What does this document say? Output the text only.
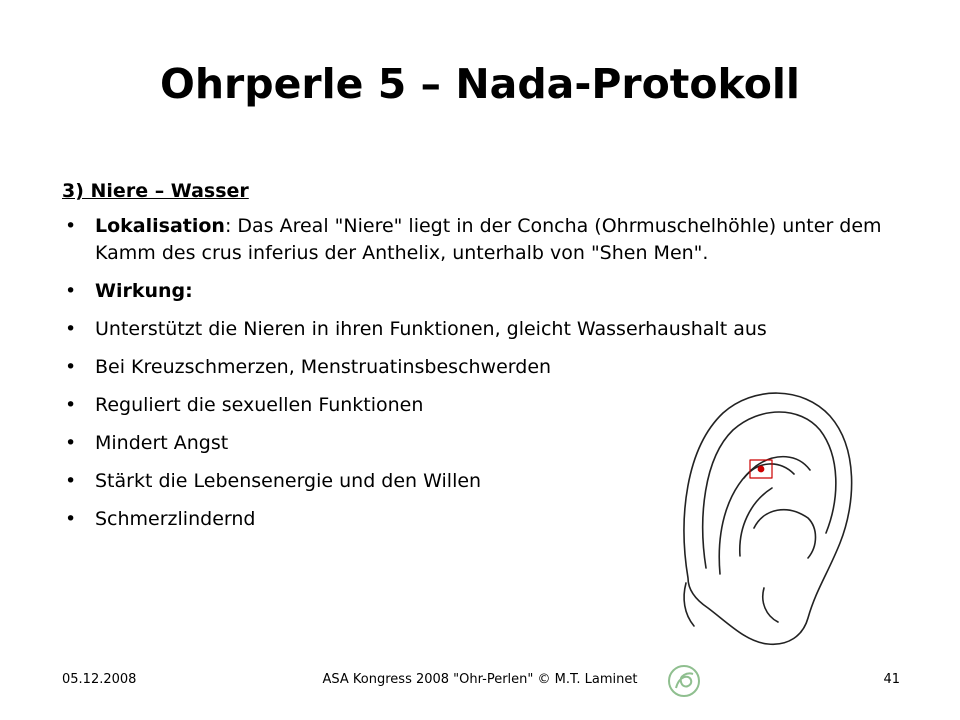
Ohrperle 5 – Nada-Protokoll

3) Niere – Wasser

• Lokalisation: Das Areal "Niere" liegt in der Concha (Ohrmuschelhöhle) unter dem Kamm des crus inferius der Anthelix, unterhalb von "Shen Men".
• Wirkung:
• Unterstützt die Nieren in ihren Funktionen, gleicht Wasserhaushalt aus
• Bei Kreuzschmerzen, Menstruatinsbeschwerden
• Reguliert die sexuellen Funktionen
• Mindert Angst
• Stärkt die Lebensenergie und den Willen
• Schmerzlindernd
05.12.2008	ASA Kongress 2008 "Ohr-Perlen" © M.T. Laminet	41
